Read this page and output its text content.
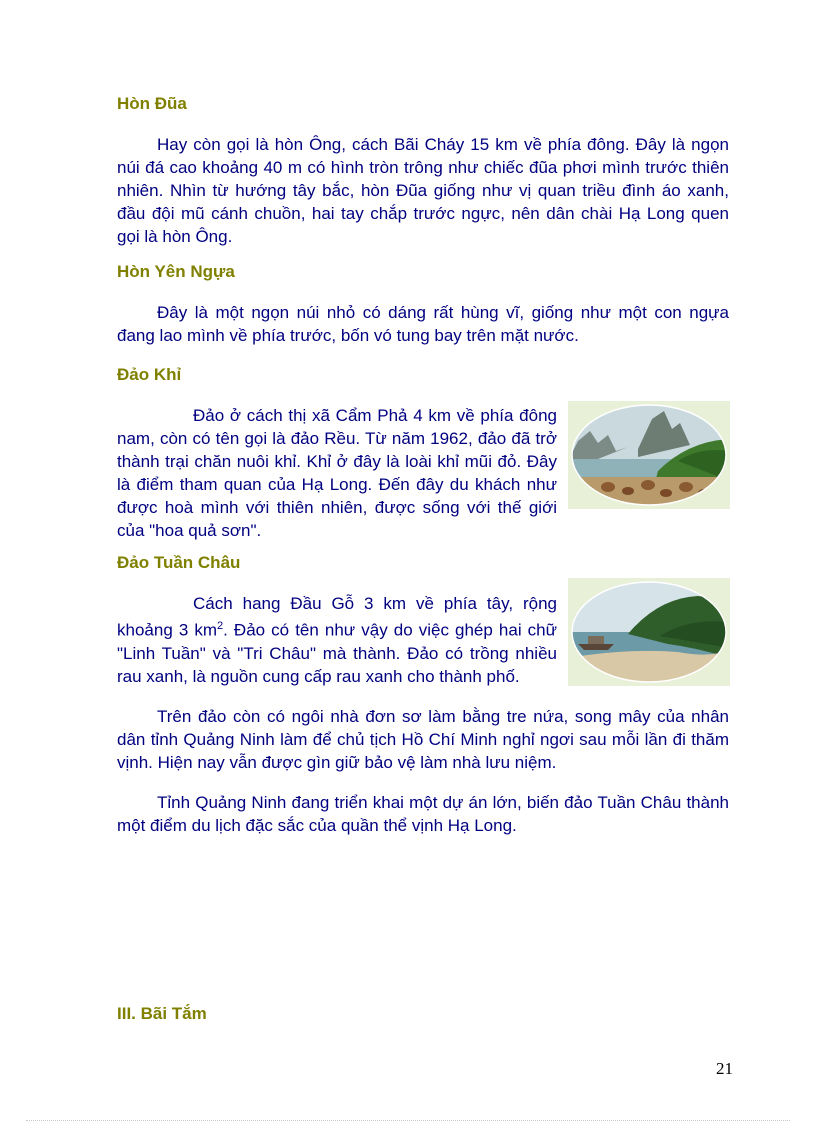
Hòn Đũa

Hay còn gọi là hòn Ông, cách Bãi Cháy 15 km về phía đông. Đây là ngọn núi đá cao khoảng 40 m có hình tròn trông như chiếc đũa phơi mình trước thiên nhiên. Nhìn từ hướng tây bắc, hòn Đũa giống như vị quan triều đình áo xanh, đầu đội mũ cánh chuồn, hai tay chắp trước ngực, nên dân chài Hạ Long quen gọi là hòn Ông.

Hòn Yên Ngựa

Đây là một ngọn núi nhỏ có dáng rất hùng vĩ, giống như một con ngựa đang lao mình về phía trước, bốn vó tung bay trên mặt nước.

Đảo Khỉ

Đảo ở cách thị xã Cẩm Phả 4 km về phía đông nam, còn có tên gọi là đảo Rều. Từ năm 1962, đảo đã trở thành trại chăn nuôi khỉ. Khỉ ở đây là loài khỉ mũi đỏ. Đây là điểm tham quan của Hạ Long. Đến đây du khách như được hoà mình với thiên nhiên, được sống với thế giới của "hoa quả sơn".

Đảo Tuần Châu

Cách hang Đầu Gỗ 3 km về phía tây, rộng khoảng 3 $km^2$. Đảo có tên như vậy do việc ghép hai chữ "Linh Tuần" và "Tri Châu" mà thành. Đảo có trồng nhiều rau xanh, là nguồn cung cấp rau xanh cho thành phố.

Trên đảo còn có ngôi nhà đơn sơ làm bằng tre nứa, song mây của nhân dân tỉnh Quảng Ninh làm để chủ tịch Hồ Chí Minh nghỉ ngơi sau mỗi lần đi thăm vịnh. Hiện nay vẫn được gìn giữ bảo vệ làm nhà lưu niệm.

Tỉnh Quảng Ninh đang triển khai một dự án lớn, biến đảo Tuần Châu thành một điểm du lịch đặc sắc của quần thể vịnh Hạ Long.

III. Bãi Tắm
21
